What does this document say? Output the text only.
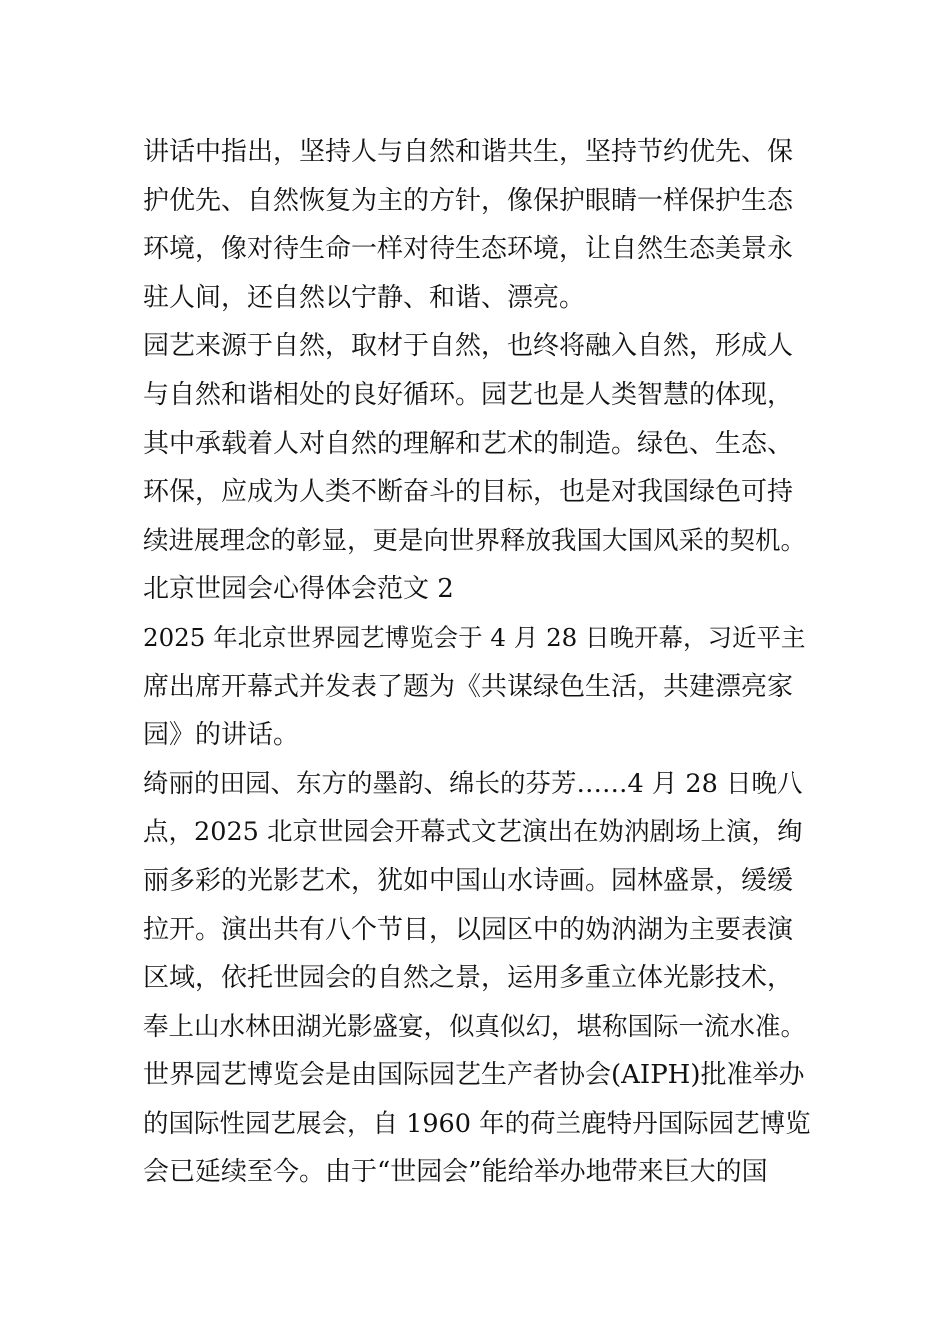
讲话中指出，坚持人与自然和谐共生，坚持节约优先、保
护优先、自然恢复为主的方针，像保护眼睛一样保护生态
环境，像对待生命一样对待生态环境，让自然生态美景永
驻人间，还自然以宁静、和谐、漂亮。
园艺来源于自然，取材于自然，也终将融入自然，形成人
与自然和谐相处的良好循环。园艺也是人类智慧的体现，
其中承载着人对自然的理解和艺术的制造。绿色、生态、
环保，应成为人类不断奋斗的目标，也是对我国绿色可持
续进展理念的彰显，更是向世界释放我国大国风采的契机。
北京世园会心得体会范文 2
2025 年北京世界园艺博览会于 4 月 28 日晚开幕，习近平主
席出席开幕式并发表了题为《共谋绿色生活，共建漂亮家
园》的讲话。
绮丽的田园、东方的墨韵、绵长的芬芳……4 月 28 日晚八
点，2025 北京世园会开幕式文艺演出在妫汭剧场上演，绚
丽多彩的光影艺术，犹如中国山水诗画。园林盛景，缓缓
拉开。演出共有八个节目，以园区中的妫汭湖为主要表演
区域，依托世园会的自然之景，运用多重立体光影技术，
奉上山水林田湖光影盛宴，似真似幻，堪称国际一流水准。
世界园艺博览会是由国际园艺生产者协会(AIPH)批准举办
的国际性园艺展会，自 1960 年的荷兰鹿特丹国际园艺博览
会已延续至今。由于“世园会”能给举办地带来巨大的国
